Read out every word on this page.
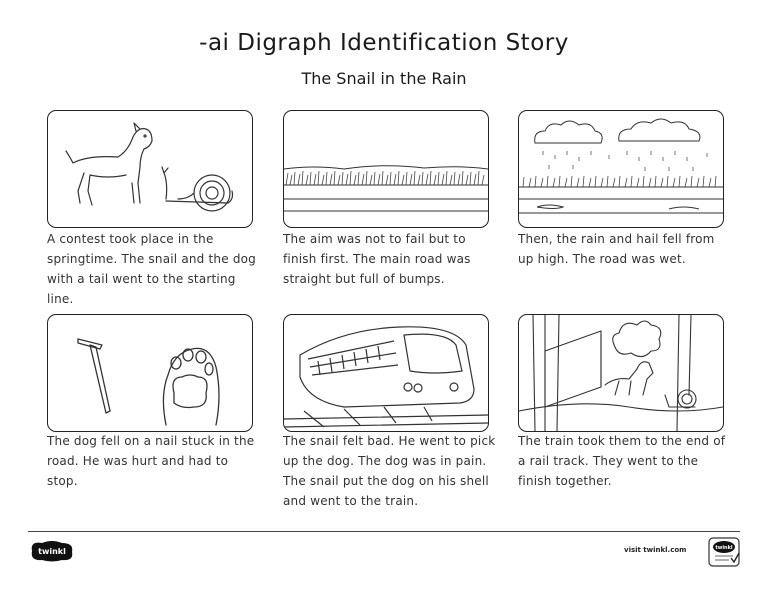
-ai Digraph Identification Story
The Snail in the Rain
A contest took place in the springtime. The snail and the dog with a tail went to the starting line.
The aim was not to fail but to finish first. The main road was straight but full of bumps.
Then, the rain and hail fell from up high. The road was wet.
The dog fell on a nail stuck in the road. He was hurt and had to stop.
The snail felt bad. He went to pick up the dog. The dog was in pain. The snail put the dog on his shell and went to the train.
The train took them to the end of a rail track. They went to the finish together.
twinkl	visit twinkl.com	twinkl
